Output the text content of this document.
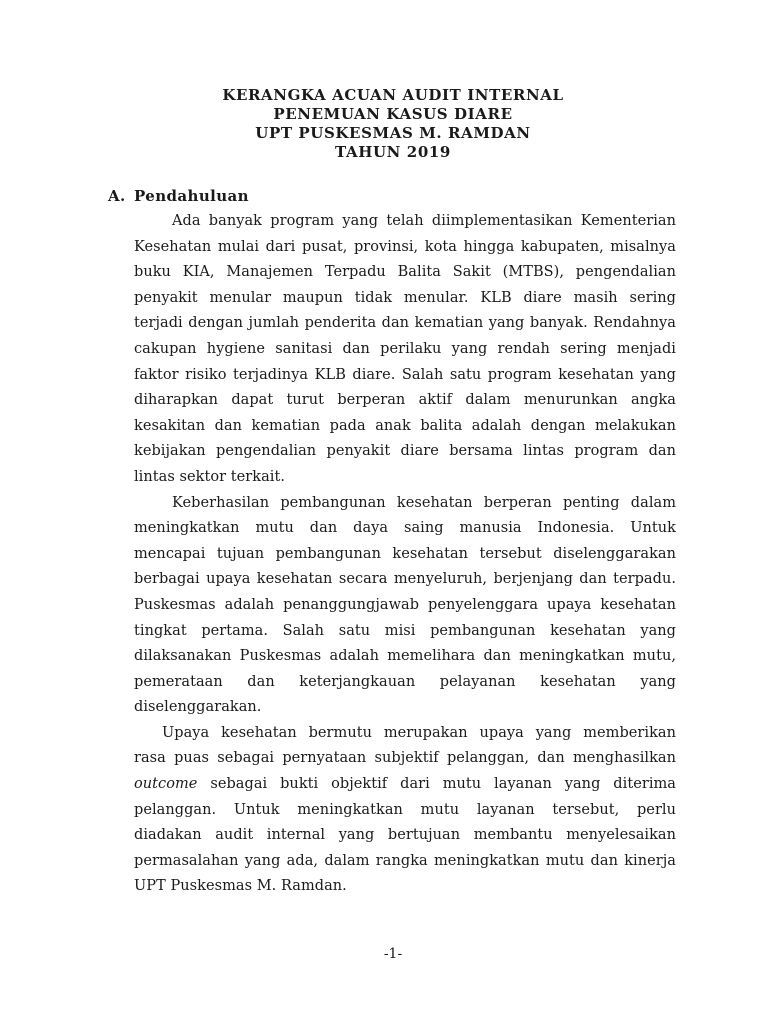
KERANGKA ACUAN AUDIT INTERNAL
PENEMUAN KASUS DIARE
UPT PUSKESMAS M. RAMDAN
TAHUN 2019
A. Pendahuluan
Ada banyak program yang telah diimplementasikan Kementerian
Kesehatan mulai dari pusat, provinsi, kota hingga kabupaten, misalnya
buku KIA, Manajemen Terpadu Balita Sakit (MTBS), pengendalian
penyakit menular maupun tidak menular. KLB diare masih sering
terjadi dengan jumlah penderita dan kematian yang banyak. Rendahnya
cakupan hygiene sanitasi dan perilaku yang rendah sering menjadi
faktor risiko terjadinya KLB diare. Salah satu program kesehatan yang
diharapkan dapat turut berperan aktif dalam menurunkan angka
kesakitan dan kematian pada anak balita adalah dengan melakukan
kebijakan pengendalian penyakit diare bersama lintas program dan
lintas sektor terkait.
Keberhasilan pembangunan kesehatan berperan penting dalam
meningkatkan mutu dan daya saing manusia Indonesia. Untuk
mencapai tujuan pembangunan kesehatan tersebut diselenggarakan
berbagai upaya kesehatan secara menyeluruh, berjenjang dan terpadu.
Puskesmas adalah penanggungjawab penyelenggara upaya kesehatan
tingkat pertama. Salah satu misi pembangunan kesehatan yang
dilaksanakan Puskesmas adalah memelihara dan meningkatkan mutu,
pemerataan dan keterjangkauan pelayanan kesehatan yang
diselenggarakan.
Upaya kesehatan bermutu merupakan upaya yang memberikan
rasa puas sebagai pernyataan subjektif pelanggan, dan menghasilkan
outcome sebagai bukti objektif dari mutu layanan yang diterima
pelanggan. Untuk meningkatkan mutu layanan tersebut, perlu
diadakan audit internal yang bertujuan membantu menyelesaikan
permasalahan yang ada, dalam rangka meningkatkan mutu dan kinerja
UPT Puskesmas M. Ramdan.
-1-
